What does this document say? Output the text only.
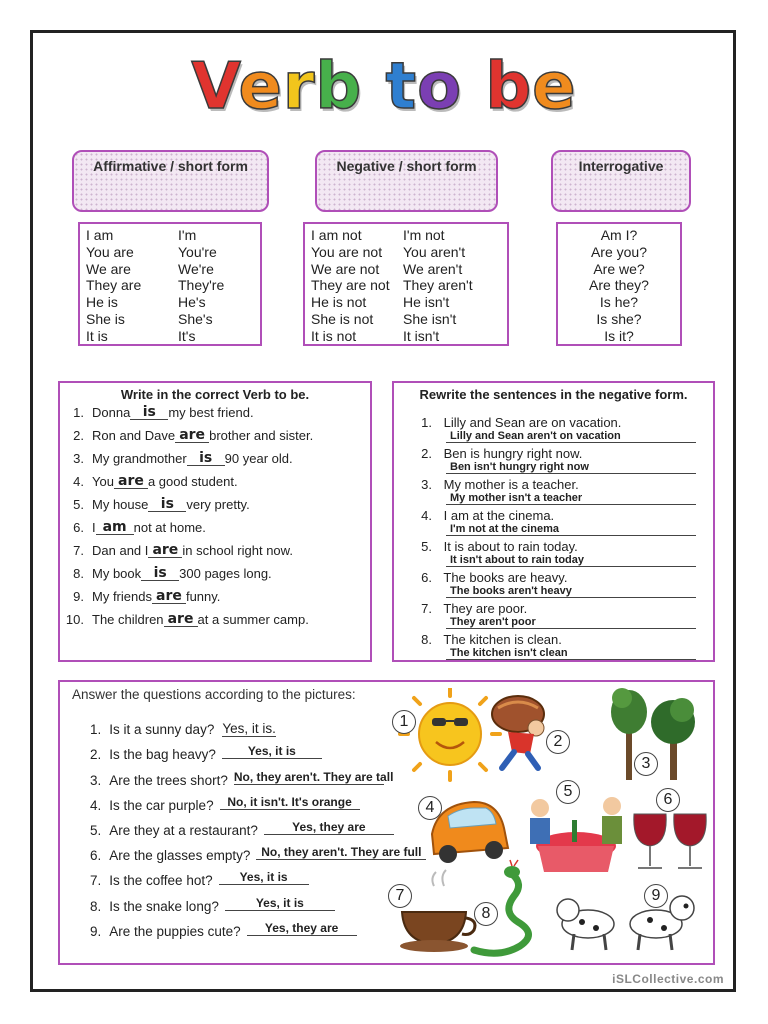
Verb to be
Affirmative / short form	Negative / short form	Interrogative
I am	I'm
You are	You're
We are	We're
They are	They're
He is	He's
She is	She's
It is	It's
I am not	I'm not
You are not	You aren't
We are not	We aren't
They are not They aren't
He is not	He isn't
She is not	She isn't
It is not	It isn't
Am I?
Are you?
Are we?
Are they?
Is he?
Is she?
Is it?
Write in the correct Verb to be.
1. Donna is my best friend.
2. Ron and Dave are brother and sister.
3. My grandmother is 90 year old.
4. You are a good student.
5. My house is very pretty.
6. I am not at home.
7. Dan and I are in school right now.
8. My book is 300 pages long.
9. My friends are funny.
10. The children are at a summer camp.
Rewrite the sentences in the negative form.
1. Lilly and Sean are on vacation.
Lilly and Sean aren't on vacation
2. Ben is hungry right now.
Ben isn't hungry right now
3. My mother is a teacher.
My mother isn't a teacher
4. I am at the cinema.
I'm not at the cinema
5. It is about to rain today.
It isn't about to rain today
6. The books are heavy.
The books aren't heavy
7. They are poor.
They aren't poor
8. The kitchen is clean.
The kitchen isn't clean
Answer the questions according to the pictures:
1. Is it a sunny day? Yes, it is.
2. Is the bag heavy?	Yes, it is
3. Are the trees short? No, they aren't. They are tall
4. Is the car purple?	No, it isn't. It's orange
5. Are they at a restaurant?	Yes, they are
6. Are the glasses empty? No, they aren't. They are full
7. Is the coffee hot?	Yes, it is
8. Is the snake long?	Yes, it is
9. Are the puppies cute?	Yes, they are
1
2
3
4
5	6
7
8
9
iSLCollective.com
